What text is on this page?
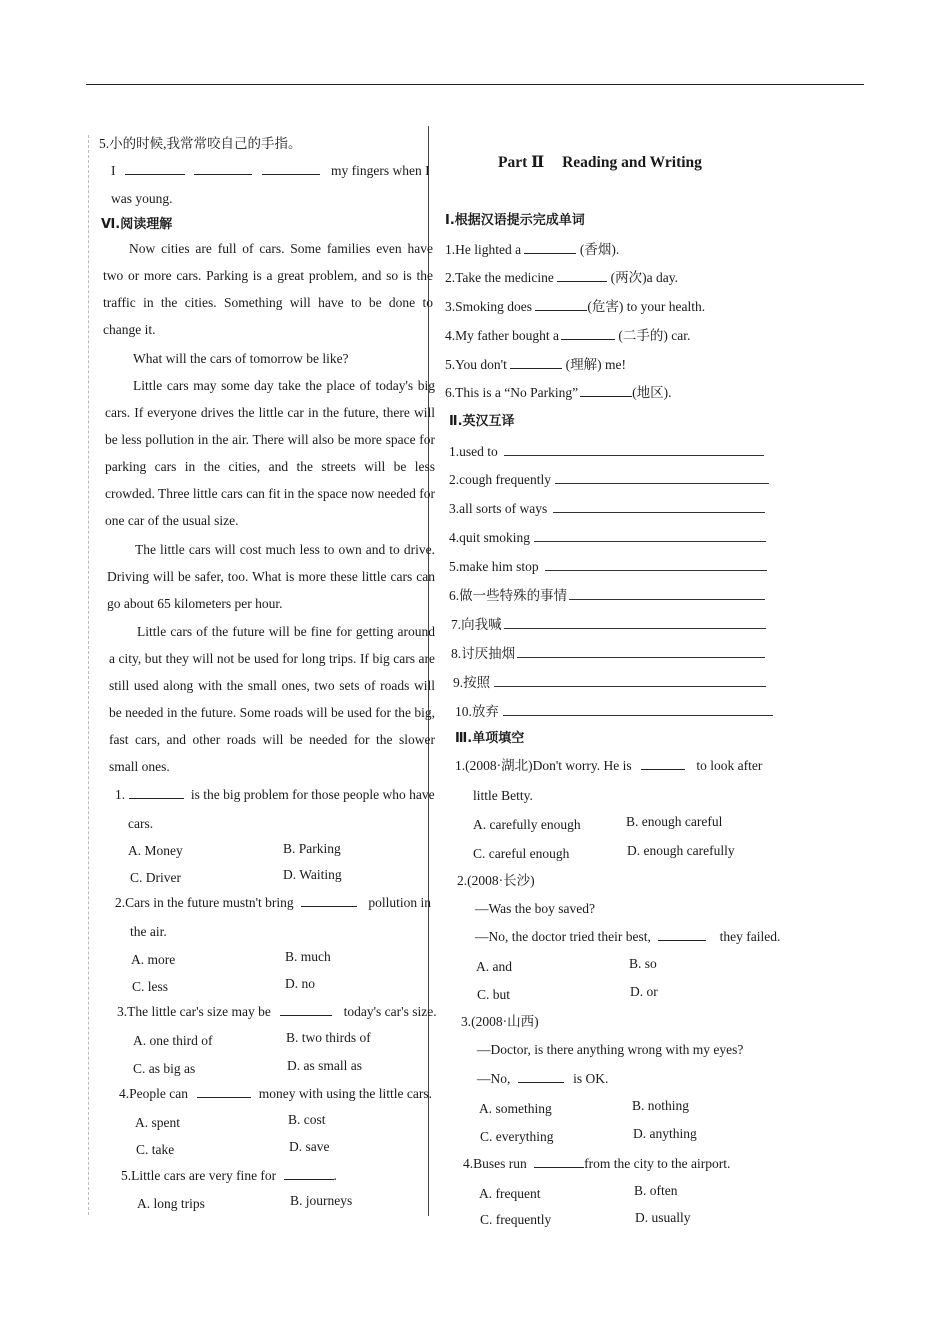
5.小的时候,我常常咬自己的手指。
I	my fingers when I
was young.
Ⅵ.阅读理解
Now cities are full of cars. Some families even have two or more cars. Parking is a great problem, and so is the traffic in the cities. Something will have to be done to change it.
What will the cars of tomorrow be like?
Little cars may some day take the place of today's big cars. If everyone drives the little car in the future, there will be less pollution in the air. There will also be more space for parking cars in the cities, and the streets will be less crowded. Three little cars can fit in the space now needed for one car of the usual size.
The little cars will cost much less to own and to drive. Driving will be safer, too. What is more these little cars can go about 65 kilometers per hour.
Little cars of the future will be fine for getting around a city, but they will not be used for long trips. If big cars are still used along with the small ones, two sets of roads will be needed in the future. Some roads will be used for the big, fast cars, and other roads will be needed for the slower small ones.
1.	is the big problem for those people who have
cars.
A. Money	B. Parking
C. Driver	D. Waiting
2.Cars in the future mustn't bring	pollution in
the air.
A. more	B. much
C. less	D. no
3.The little car's size may be	today's car's size.
A. one third of	B. two thirds of
C. as big as	D. as small as
4.People can	money with using the little cars.
A. spent	B. cost
C. take	D. save
5.Little cars are very fine for	.
A. long trips	B. journeys
Part Ⅱ Reading and Writing
Ⅰ.根据汉语提示完成单词
1.He lighted a	(香烟).
2.Take the medicine	(两次)a day.
3.Smoking does	(危害) to your health.
4.My father bought a	(二手的) car.
5.You don't	(理解) me!
6.This is a “No Parking”	(地区).
Ⅱ.英汉互译
1.used to
2.cough frequently
3.all sorts of ways
4.quit smoking
5.make him stop
6.做一些特殊的事情
7.向我喊
8.讨厌抽烟
9.按照
10.放弃
Ⅲ.单项填空
1.(2008·湖北)Don't worry. He is	to look after
little Betty.
A. carefully enough	B. enough careful
C. careful enough	D. enough carefully
2.(2008·长沙)
—Was the boy saved?
—No, the doctor tried their best,	they failed.
A. and	B. so
C. but	D. or
3.(2008·山西)
—Doctor, is there anything wrong with my eyes?
—No,	is OK.
A. something	B. nothing
C. everything	D. anything
4.Buses run	from the city to the airport.
A. frequent	B. often
C. frequently	D. usually
